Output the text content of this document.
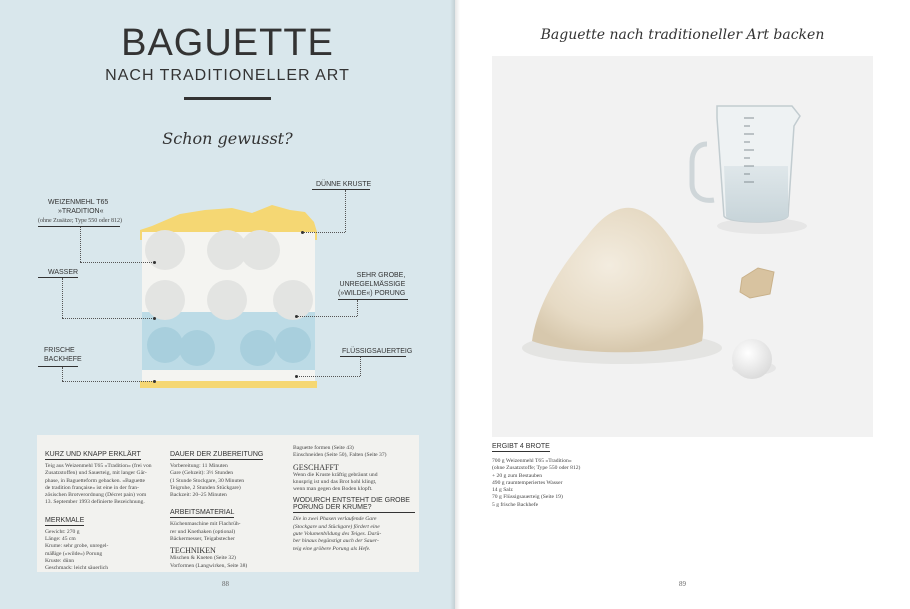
BAGUETTE
NACH TRADITIONELLER ART
Schon gewusst?
WEIZENMEHL T65
»TRADITION«
(ohne Zusätze; Type 550 oder 812)
WASSER
FRISCHE
BACKHEFE
DÜNNE KRUSTE
SEHR GROBE,
UNREGELMÄSSIGE
(»WILDE«) PORUNG
FLÜSSIGSAUERTEIG
KURZ UND KNAPP ERKLÄRT
Teig aus Weizenmehl T65 »Tradition« (frei von
Zusatzstoffen) und Sauerteig, mit langer Gär-
phase, in Baguetteform gebacken. »Baguette
de tradition française« ist eine in der fran-
zösischen Brotverordnung (Décret pain) vom
13. September 1993 definierte Bezeichnung.
MERKMALE
Gewicht: 270 g
Länge: 45 cm
Krume: sehr grobe, unregel-
mäßige (»wilde«) Porung
Kruste: dünn
Geschmack: leicht säuerlich
DAUER DER ZUBEREITUNG
Vorbereitung: 11 Minuten
Gare (Gehzeit): 3½ Stunden
(1 Stunde Stockgare, 30 Minuten
Teigruhe, 2 Stunden Stückgare)
Backzeit: 20–25 Minuten
ARBEITSMATERIAL
Küchenmaschine mit Flachrüh-
rer und Knethaken (optional)
Bäckermesser, Teigabstecher
TECHNIKEN
Mischen & Kneten (Seite 32)
Vorformen (Langwirken, Seite 38)
Baguette formen (Seite 43)
Einschneiden (Seite 50), Falten (Seite 37)
GESCHAFFT
Wenn die Kruste kräftig gebräunt und
knusprig ist und das Brot hohl klingt,
wenn man gegen den Boden klopft.
WODURCH ENTSTEHT DIE GROBE PORUNG DER KRUME?
Die in zwei Phasen verlaufende Gare
(Stockgare und Stückgare) fördert eine
gute Volumenbildung des Teiges. Darü-
ber hinaus begünstigt auch der Sauer-
teig eine gröbere Porung als Hefe.
88
Baguette nach traditioneller Art backen
ERGIBT 4 BROTE
700 g Weizenmehl T65 »Tradition«
(ohne Zusatzstoffe; Type 550 oder 812)
+ 20 g zum Bestauben
490 g raumtemperiertes Wasser
14 g Salz
70 g Flüssigsauerteig (Seite 19)
5 g frische Backhefe
89
